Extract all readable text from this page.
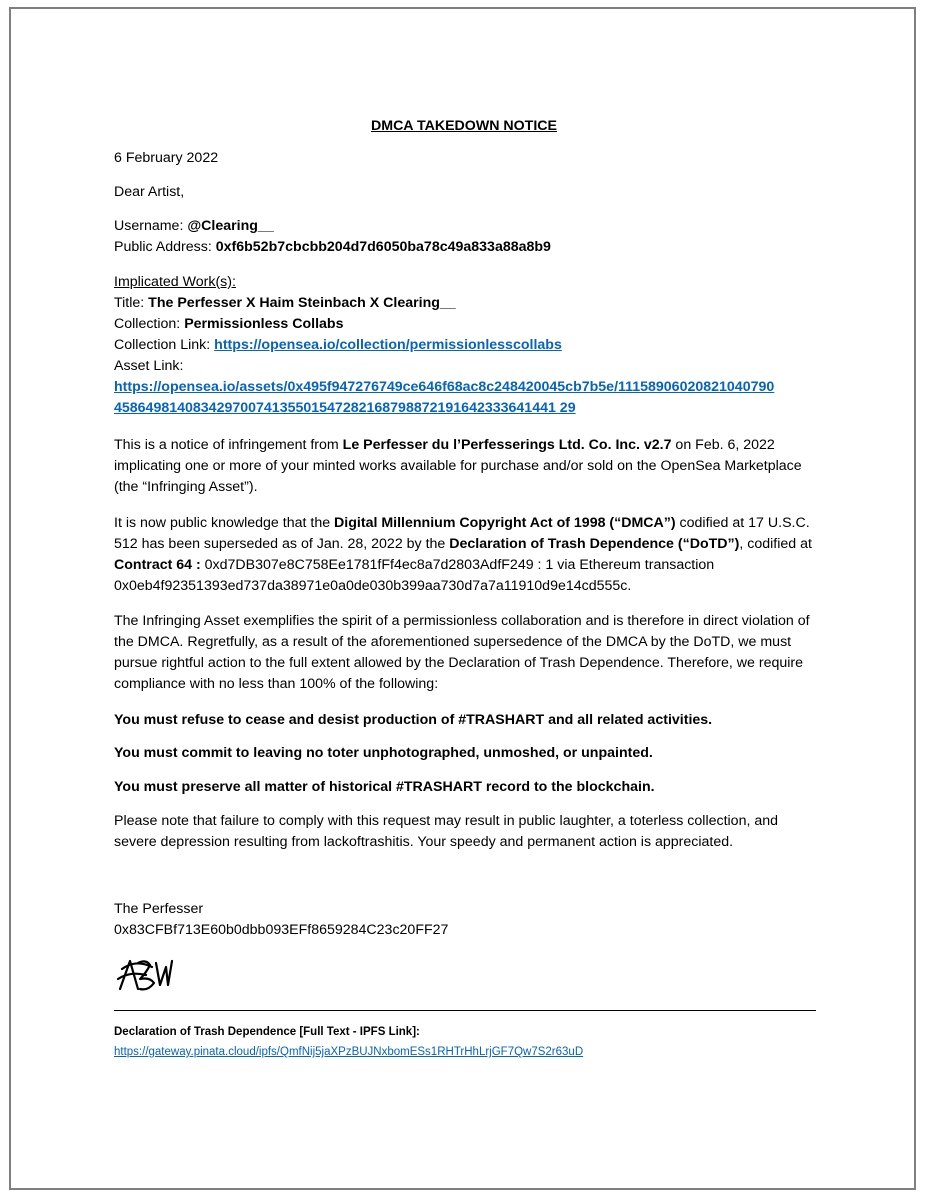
DMCA TAKEDOWN NOTICE

6 February 2022

Dear Artist,

Username: @Clearing__

Public Address: 0xf6b52b7cbcbb204d7d6050ba78c49a833a88a8b9

Implicated Work(s):

Title: The Perfesser X Haim Steinbach X Clearing__

Collection: Permissionless Collabs

Collection Link: https://opensea.io/collection/permissionlesscollabs

Asset Link:

https://opensea.io/assets/0x495f947276749ce646f68ac8c248420045cb7b5e/11158906020821040790
45864981408342970074135501547282168798872191642333641441 29

This is a notice of infringement from Le Perfesser du l’Perfesserings Ltd. Co. Inc. v2.7 on Feb. 6, 2022 implicating one or more of your minted works available for purchase and/or sold on the OpenSea Marketplace (the “Infringing Asset”).

It is now public knowledge that the Digital Millennium Copyright Act of 1998 (“DMCA”) codified at 17 U.S.C. 512 has been superseded as of Jan. 28, 2022 by the Declaration of Trash Dependence (“DoTD”), codified at Contract 64 : 0xd7DB307e8C758Ee1781fFf4ec8a7d2803AdfF249 : 1 via Ethereum transaction 0x0eb4f92351393ed737da38971e0a0de030b399aa730d7a7a11910d9e14cd555c.

The Infringing Asset exemplifies the spirit of a permissionless collaboration and is therefore in direct violation of the DMCA. Regretfully, as a result of the aforementioned supersedence of the DMCA by the DoTD, we must pursue rightful action to the full extent allowed by the Declaration of Trash Dependence. Therefore, we require compliance with no less than 100% of the following:

You must refuse to cease and desist production of #TRASHART and all related activities.

You must commit to leaving no toter unphotographed, unmoshed, or unpainted.

You must preserve all matter of historical #TRASHART record to the blockchain.

Please note that failure to comply with this request may result in public laughter, a toterless collection, and severe depression resulting from lackoftrashitis. Your speedy and permanent action is appreciated.

The Perfesser

0x83CFBf713E60b0dbb093EFf8659284C23c20FF27

Declaration of Trash Dependence [Full Text - IPFS Link]:

https://gateway.pinata.cloud/ipfs/QmfNij5jaXPzBUJNxbomESs1RHTrHhLrjGF7Qw7S2r63uD
